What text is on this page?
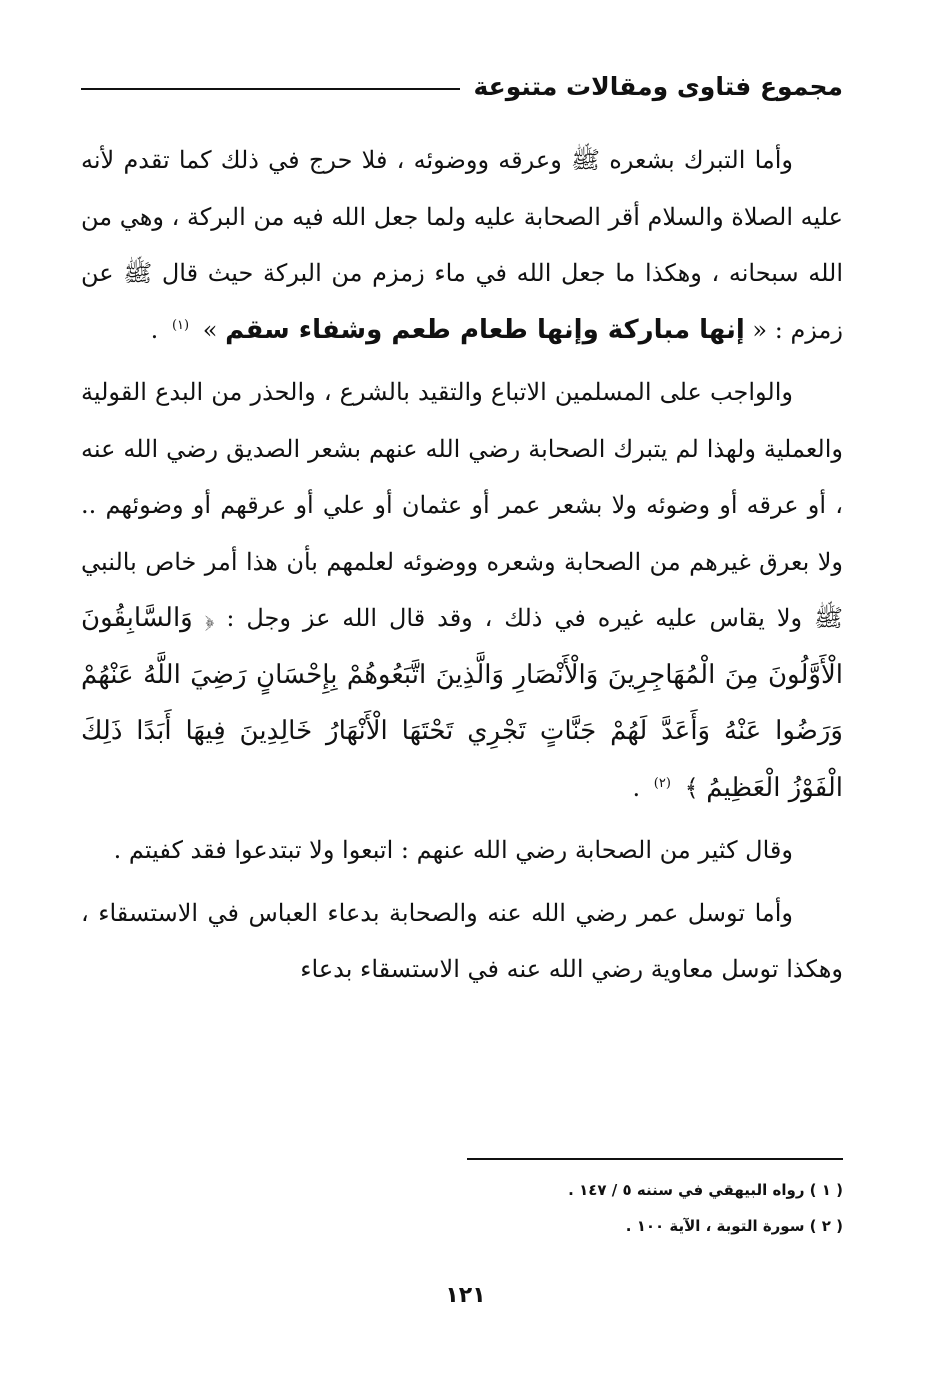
مجموع فتاوى ومقالات متنوعة

وأما التبرك بشعره ﷺ وعرقه ووضوئه ، فلا حرج في ذلك كما تقدم لأنه عليه الصلاة والسلام أقر الصحابة عليه ولما جعل الله فيه من البركة ، وهي من الله سبحانه ، وهكذا ما جعل الله في ماء زمزم من البركة حيث قال ﷺ عن زمزم : « إنها مباركة وإنها طعام طعم وشفاء سقم » $^{(١)}$ .

والواجب على المسلمين الاتباع والتقيد بالشرع ، والحذر من البدع القولية والعملية ولهذا لم يتبرك الصحابة رضي الله عنهم بشعر الصديق رضي الله عنه ، أو عرقه أو وضوئه ولا بشعر عمر أو عثمان أو علي أو عرقهم أو وضوئهم .. ولا بعرق غيرهم من الصحابة وشعره ووضوئه لعلمهم بأن هذا أمر خاص بالنبي ﷺ ولا يقاس عليه غيره في ذلك ، وقد قال الله عز وجل : ﴿ وَالسَّابِقُونَ الْأَوَّلُونَ مِنَ الْمُهَاجِرِينَ وَالْأَنْصَارِ وَالَّذِينَ اتَّبَعُوهُمْ بِإِحْسَانٍ رَضِيَ اللَّهُ عَنْهُمْ وَرَضُوا عَنْهُ وَأَعَدَّ لَهُمْ جَنَّاتٍ تَجْرِي تَحْتَهَا الْأَنْهَارُ خَالِدِينَ فِيهَا أَبَدًا ذَلِكَ الْفَوْزُ الْعَظِيمُ ﴾ $^{(٢)}$ .

وقال كثير من الصحابة رضي الله عنهم : اتبعوا ولا تبتدعوا فقد كفيتم .

وأما توسل عمر رضي الله عنه والصحابة بدعاء العباس في الاستسقاء ، وهكذا توسل معاوية رضي الله عنه في الاستسقاء بدعاء

( ١ ) رواه البيهقي في سننه ٥ / ١٤٧ .
( ٢ ) سورة التوبة ، الآية ١٠٠ .
١٢١
